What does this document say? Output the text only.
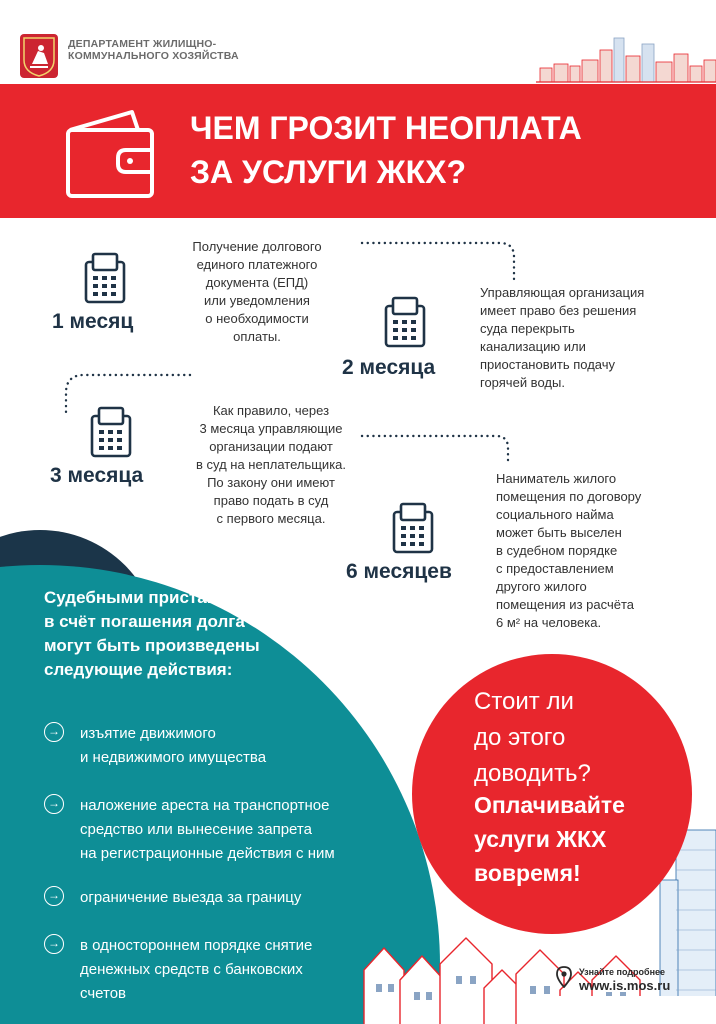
ДЕПАРТАМЕНТ ЖИЛИЩНО-
КОММУНАЛЬНОГО ХОЗЯЙСТВА
ЧЕМ ГРОЗИТ НЕОПЛАТА
ЗА УСЛУГИ ЖКХ?
1 месяц
Получение долгового
единого платежного
документа (ЕПД)
или уведомления
о необходимости
оплаты.
2 месяца
Управляющая организация
имеет право без решения
суда перекрыть
канализацию или
приостановить подачу
горячей воды.
3 месяца
Как правило, через
3 месяца управляющие
организации подают
в суд на неплательщика.
По закону они имеют
право подать в суд
с первого месяца.
6 месяцев
Наниматель жилого
помещения по договору
социального найма
может быть выселен
в судебном порядке
с предоставлением
другого жилого
помещения из расчёта
6 м² на человека.
Судебными приставами
в счёт погашения долга
могут быть произведены
следующие действия:
→ изъятие движимого
и недвижимого имущества
→ наложение ареста на транспортное
средство или вынесение запрета
на регистрационные действия с ним
→ ограничение выезда за границу
→ в одностороннем порядке снятие
денежных средств с банковских
счетов
Стоит ли
до этого
доводить?
Оплачивайте
услуги ЖКХ
вовремя!
Узнайте подробнее
www.is.mos.ru
